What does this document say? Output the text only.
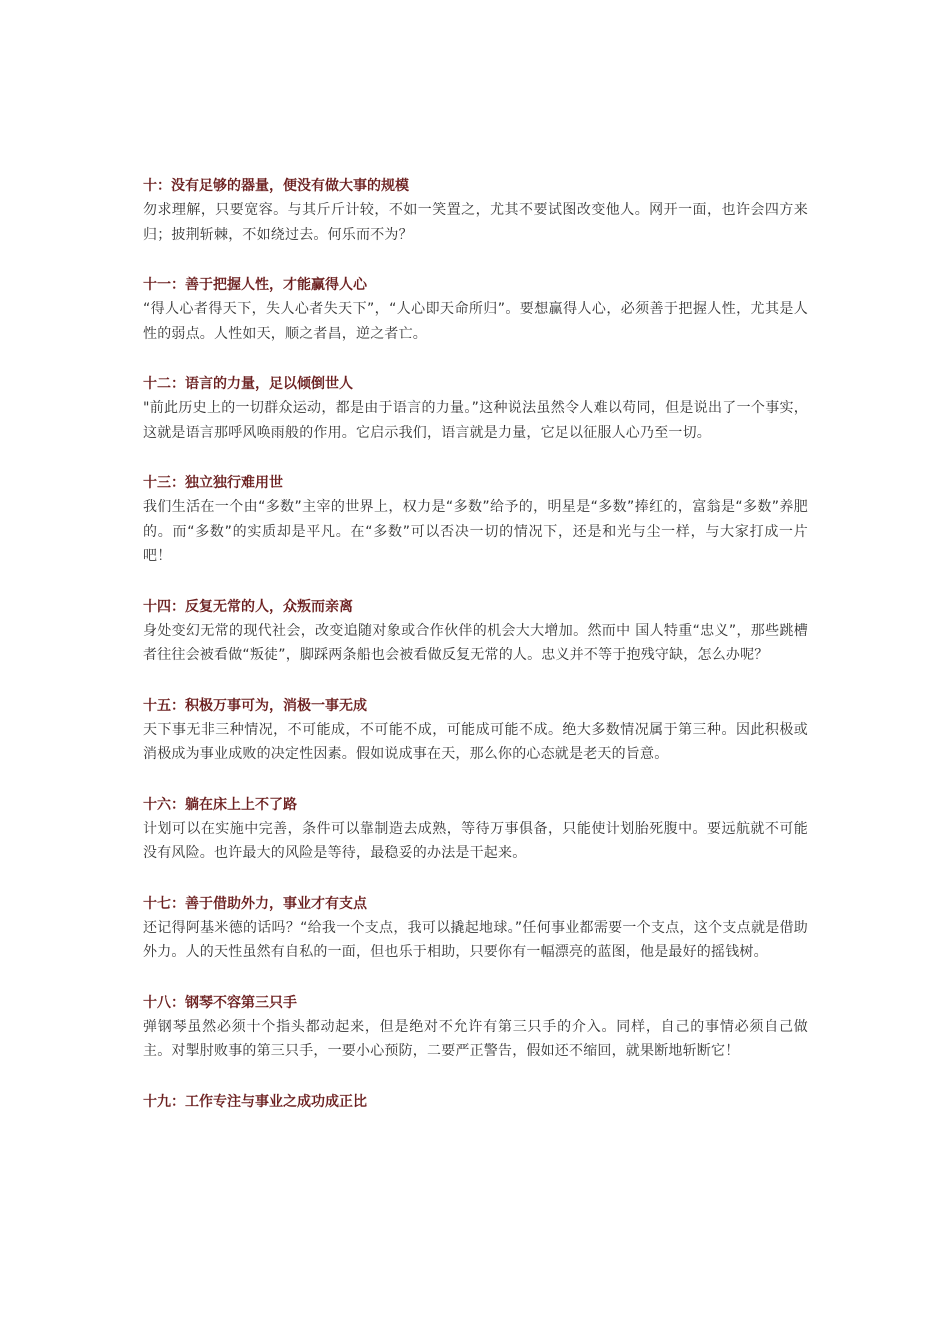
十：没有足够的器量，便没有做大事的规模
勿求理解，只要宽容。与其斤斤计较，不如一笑置之，尤其不要试图改变他人。网开一面，也许会四方来归；披荆斩棘，不如绕过去。何乐而不为？
十一：善于把握人性，才能赢得人心
“得人心者得天下，失人心者失天下”，“人心即天命所归”。要想赢得人心，必须善于把握人性，尤其是人性的弱点。人性如天，顺之者昌，逆之者亡。
十二：语言的力量，足以倾倒世人
"前此历史上的一切群众运动，都是由于语言的力量。”这种说法虽然令人难以苟同，但是说出了一个事实，这就是语言那呼风唤雨般的作用。它启示我们，语言就是力量，它足以征服人心乃至一切。
十三：独立独行难用世
我们生活在一个由“多数”主宰的世界上，权力是“多数”给予的，明星是“多数”捧红的，富翁是“多数”养肥的。而“多数”的实质却是平凡。在“多数”可以否决一切的情况下，还是和光与尘一样，与大家打成一片吧！
十四：反复无常的人，众叛而亲离
身处变幻无常的现代社会，改变追随对象或合作伙伴的机会大大增加。然而中 国人特重“忠义”，那些跳槽者往往会被看做“叛徒”，脚踩两条船也会被看做反复无常的人。忠义并不等于抱残守缺，怎么办呢？
十五：积极万事可为，消极一事无成
天下事无非三种情况，不可能成，不可能不成，可能成可能不成。绝大多数情况属于第三种。因此积极或消极成为事业成败的决定性因素。假如说成事在天，那么你的心态就是老天的旨意。
十六：躺在床上上不了路
计划可以在实施中完善，条件可以靠制造去成熟，等待万事俱备，只能使计划胎死腹中。要远航就不可能没有风险。也许最大的风险是等待，最稳妥的办法是干起来。
十七：善于借助外力，事业才有支点
还记得阿基米德的话吗？“给我一个支点，我可以撬起地球。”任何事业都需要一个支点，这个支点就是借助外力。人的天性虽然有自私的一面，但也乐于相助，只要你有一幅漂亮的蓝图，他是最好的摇钱树。
十八：钢琴不容第三只手
弹钢琴虽然必须十个指头都动起来，但是绝对不允许有第三只手的介入。同样，自己的事情必须自己做主。对掣肘败事的第三只手，一要小心预防，二要严正警告，假如还不缩回，就果断地斩断它！
十九：工作专注与事业之成功成正比
